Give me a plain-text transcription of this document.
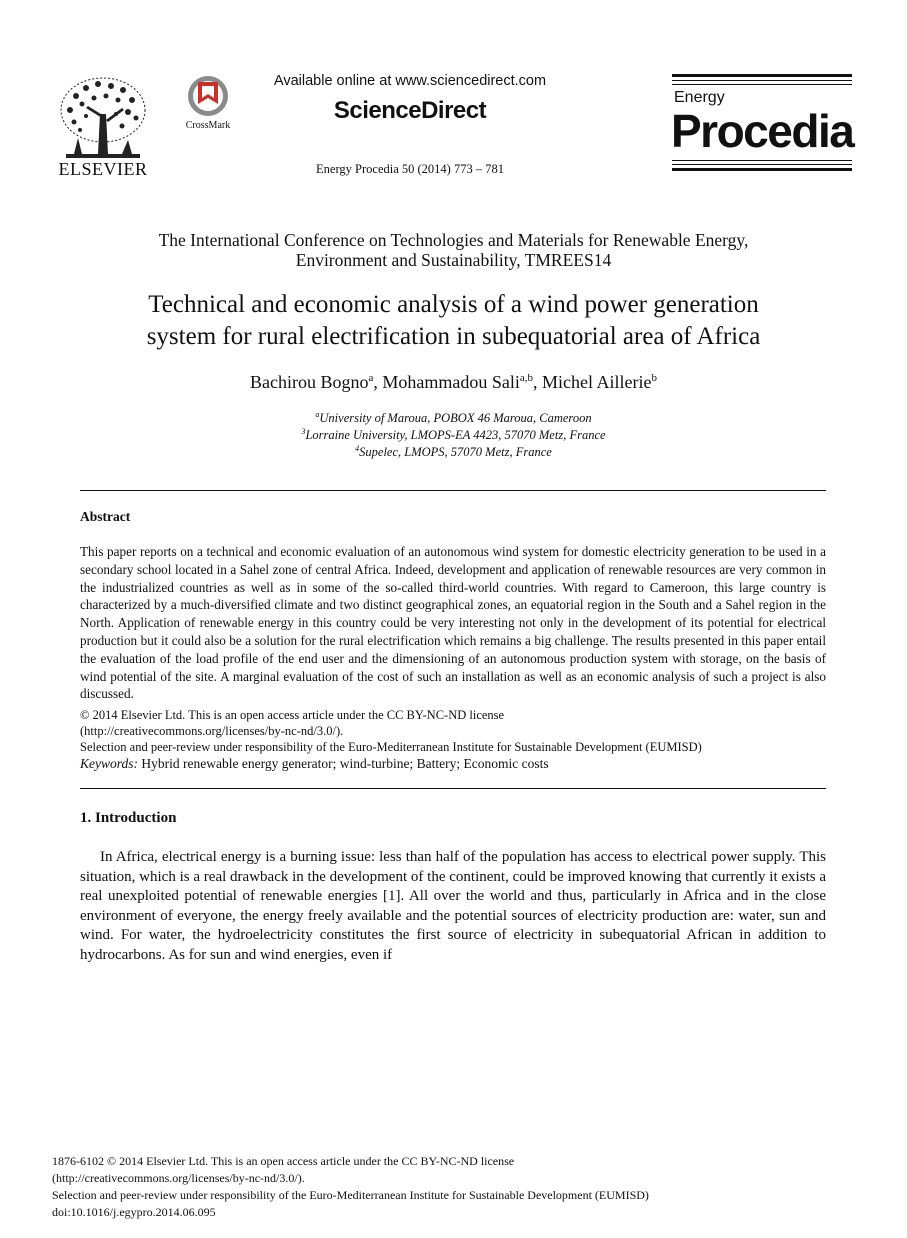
ELSEVIER
CrossMark
Available online at www.sciencedirect.com
ScienceDirect
Energy Procedia 50 (2014) 773 – 781
Energy
Procedia
The International Conference on Technologies and Materials for Renewable Energy,
Environment and Sustainability, TMREES14
Technical and economic analysis of a wind power generation
system for rural electrification in subequatorial area of Africa
Bachirou Bogno$^a$, Mohammadou Sali$^{a,b}$, Michel Aillerie$^b$
$^a$University of Maroua, POBOX 46 Maroua, Cameroon
$^3$Lorraine University, LMOPS-EA 4423, 57070 Metz, France
$^4$Supelec, LMOPS, 57070 Metz, France
Abstract
This paper reports on a technical and economic evaluation of an autonomous wind system for domestic electricity generation to be used in a secondary school located in a Sahel zone of central Africa. Indeed, development and application of renewable resources are very common in the industrialized countries as well as in some of the so-called third-world countries. With regard to Cameroon, this large country is characterized by a much-diversified climate and two distinct geographical zones, an equatorial region in the South and a Sahel region in the North. Application of renewable energy in this country could be very interesting not only in the development of its potential for electrical production but it could also be a solution for the rural electrification which remains a big challenge. The results presented in this paper entail the evaluation of the load profile of the end user and the dimensioning of an autonomous production system with storage, on the basis of wind potential of the site. A marginal evaluation of the cost of such an installation as well as an economic analysis of such a project is also discussed.
© 2014 Elsevier Ltd. This is an open access article under the CC BY-NC-ND license
(http://creativecommons.org/licenses/by-nc-nd/3.0/).
Selection and peer-review under responsibility of the Euro-Mediterranean Institute for Sustainable Development (EUMISD)
Keywords: Hybrid renewable energy generator; wind-turbine; Battery; Economic costs
1. Introduction
In Africa, electrical energy is a burning issue: less than half of the population has access to electrical power supply. This situation, which is a real drawback in the development of the continent, could be improved knowing that currently it exists a real unexploited potential of renewable energies [1]. All over the world and thus, particularly in Africa and in the close environment of everyone, the energy freely available and the potential sources of electricity production are: water, sun and wind. For water, the hydroelectricity constitutes the first source of electricity in subequatorial African in addition to hydrocarbons. As for sun and wind energies, even if
1876-6102 © 2014 Elsevier Ltd. This is an open access article under the CC BY-NC-ND license
(http://creativecommons.org/licenses/by-nc-nd/3.0/).
Selection and peer-review under responsibility of the Euro-Mediterranean Institute for Sustainable Development (EUMISD)
doi:10.1016/j.egypro.2014.06.095
